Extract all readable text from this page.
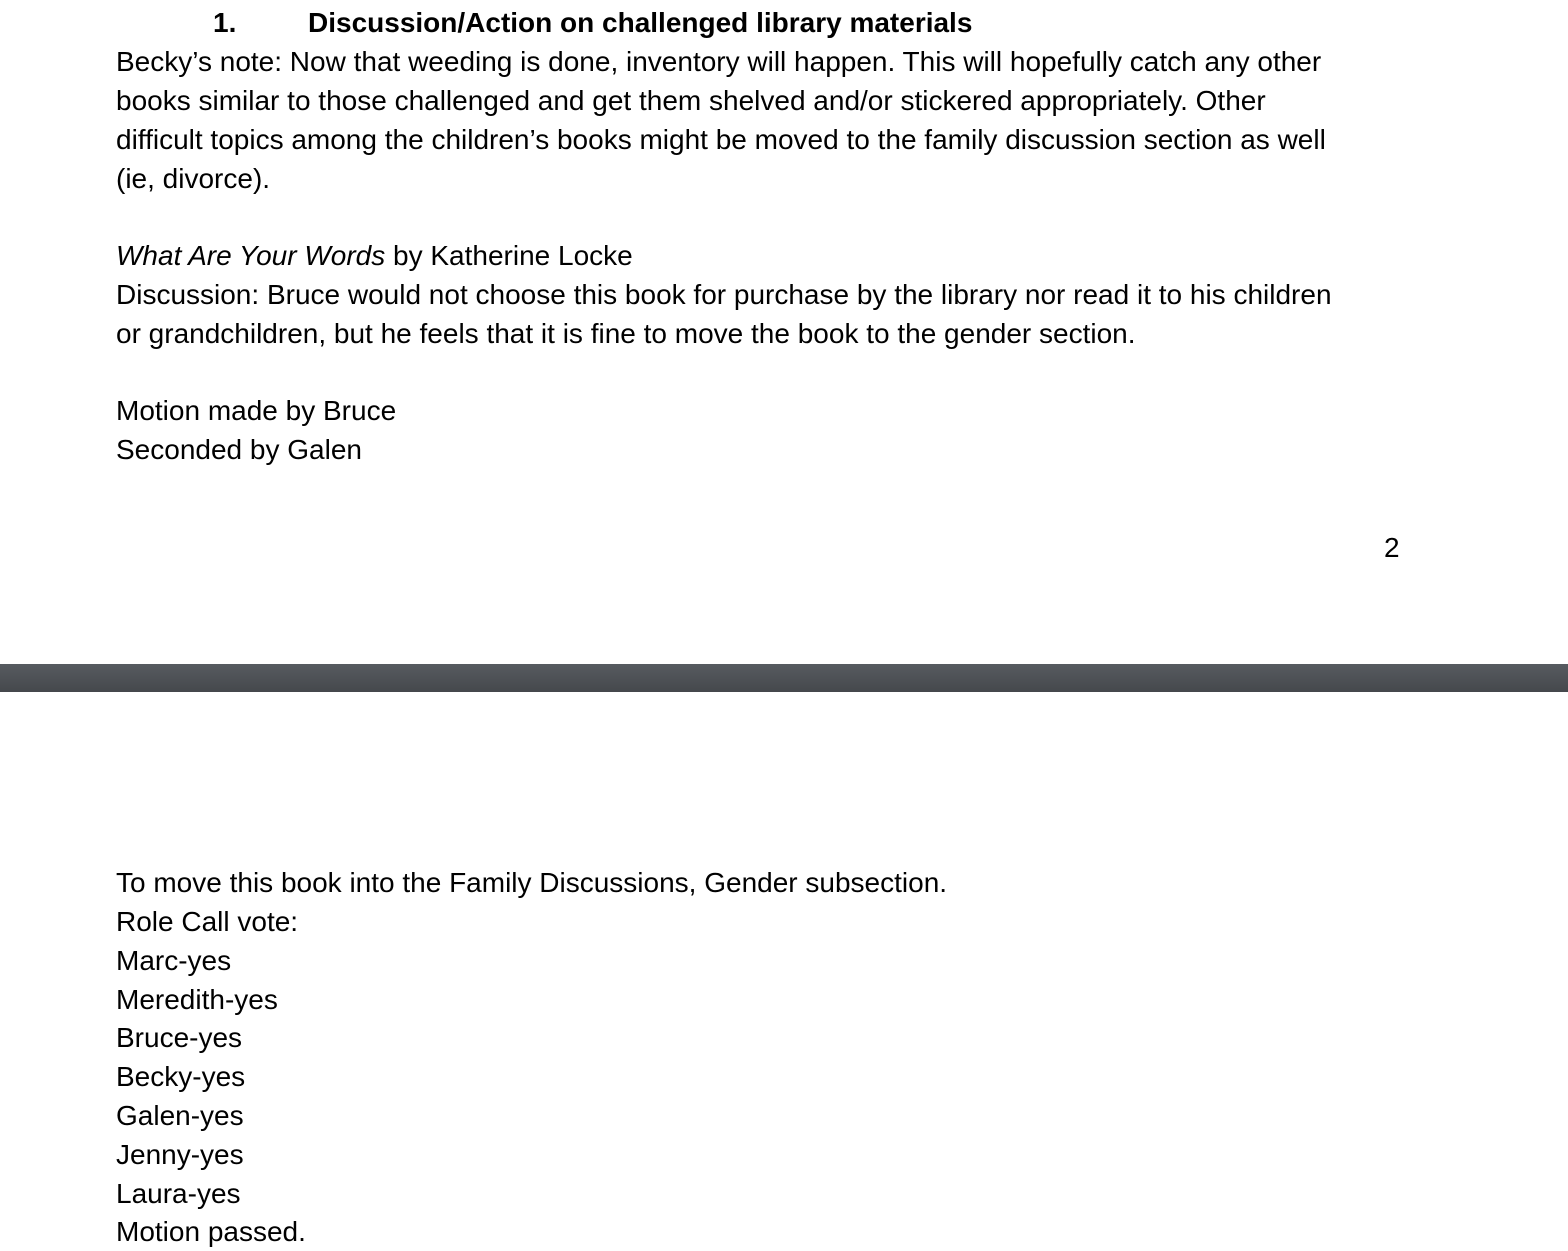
1.	Discussion/Action on challenged library materials
Becky’s note: Now that weeding is done, inventory will happen. This will hopefully catch any other
books similar to those challenged and get them shelved and/or stickered appropriately. Other
difficult topics among the children’s books might be moved to the family discussion section as well
(ie, divorce).
What Are Your Words by Katherine Locke
Discussion: Bruce would not choose this book for purchase by the library nor read it to his children
or grandchildren, but he feels that it is fine to move the book to the gender section.
Motion made by Bruce
Seconded by Galen
2
To move this book into the Family Discussions, Gender subsection.
Role Call vote:
Marc-yes
Meredith-yes
Bruce-yes
Becky-yes
Galen-yes
Jenny-yes
Laura-yes
Motion passed.
